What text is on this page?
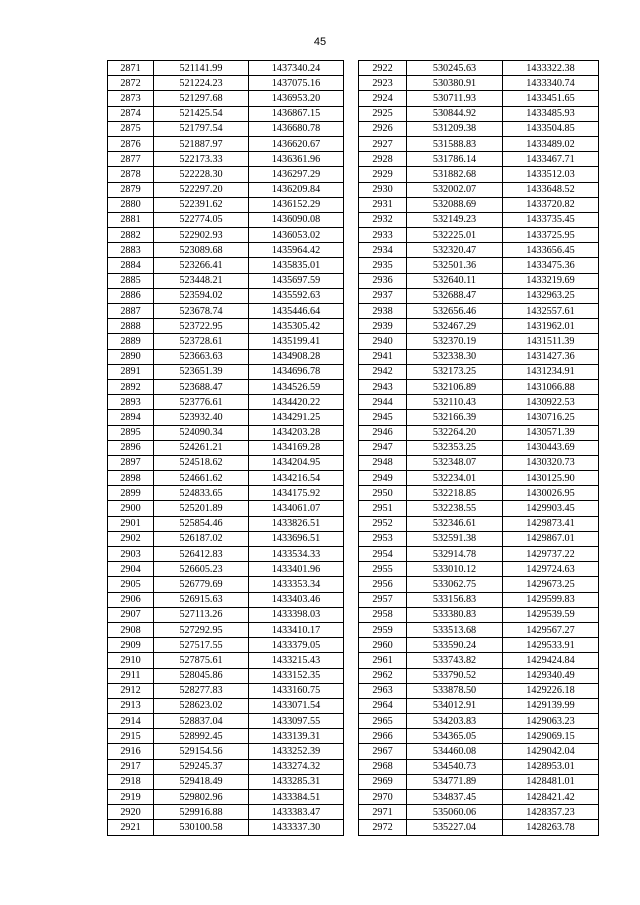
45
2871	521141.99	1437340.24
2872	521224.23	1437075.16
2873	521297.68	1436953.20
2874	521425.54	1436867.15
2875	521797.54	1436680.78
2876	521887.97	1436620.67
2877	522173.33	1436361.96
2878	522228.30	1436297.29
2879	522297.20	1436209.84
2880	522391.62	1436152.29
2881	522774.05	1436090.08
2882	522902.93	1436053.02
2883	523089.68	1435964.42
2884	523266.41	1435835.01
2885	523448.21	1435697.59
2886	523594.02	1435592.63
2887	523678.74	1435446.64
2888	523722.95	1435305.42
2889	523728.61	1435199.41
2890	523663.63	1434908.28
2891	523651.39	1434696.78
2892	523688.47	1434526.59
2893	523776.61	1434420.22
2894	523932.40	1434291.25
2895	524090.34	1434203.28
2896	524261.21	1434169.28
2897	524518.62	1434204.95
2898	524661.62	1434216.54
2899	524833.65	1434175.92
2900	525201.89	1434061.07
2901	525854.46	1433826.51
2902	526187.02	1433696.51
2903	526412.83	1433534.33
2904	526605.23	1433401.96
2905	526779.69	1433353.34
2906	526915.63	1433403.46
2907	527113.26	1433398.03
2908	527292.95	1433410.17
2909	527517.55	1433379.05
2910	527875.61	1433215.43
2911	528045.86	1433152.35
2912	528277.83	1433160.75
2913	528623.02	1433071.54
2914	528837.04	1433097.55
2915	528992.45	1433139.31
2916	529154.56	1433252.39
2917	529245.37	1433274.32
2918	529418.49	1433285.31
2919	529802.96	1433384.51
2920	529916.88	1433383.47
2921	530100.58	1433337.30
2922	530245.63	1433322.38
2923	530380.91	1433340.74
2924	530711.93	1433451.65
2925	530844.92	1433485.93
2926	531209.38	1433504.85
2927	531588.83	1433489.02
2928	531786.14	1433467.71
2929	531882.68	1433512.03
2930	532002.07	1433648.52
2931	532088.69	1433720.82
2932	532149.23	1433735.45
2933	532225.01	1433725.95
2934	532320.47	1433656.45
2935	532501.36	1433475.36
2936	532640.11	1433219.69
2937	532688.47	1432963.25
2938	532656.46	1432557.61
2939	532467.29	1431962.01
2940	532370.19	1431511.39
2941	532338.30	1431427.36
2942	532173.25	1431234.91
2943	532106.89	1431066.88
2944	532110.43	1430922.53
2945	532166.39	1430716.25
2946	532264.20	1430571.39
2947	532353.25	1430443.69
2948	532348.07	1430320.73
2949	532234.01	1430125.90
2950	532218.85	1430026.95
2951	532238.55	1429903.45
2952	532346.61	1429873.41
2953	532591.38	1429867.01
2954	532914.78	1429737.22
2955	533010.12	1429724.63
2956	533062.75	1429673.25
2957	533156.83	1429599.83
2958	533380.83	1429539.59
2959	533513.68	1429567.27
2960	533590.24	1429533.91
2961	533743.82	1429424.84
2962	533790.52	1429340.49
2963	533878.50	1429226.18
2964	534012.91	1429139.99
2965	534203.83	1429063.23
2966	534365.05	1429069.15
2967	534460.08	1429042.04
2968	534540.73	1428953.01
2969	534771.89	1428481.01
2970	534837.45	1428421.42
2971	535060.06	1428357.23
2972	535227.04	1428263.78
